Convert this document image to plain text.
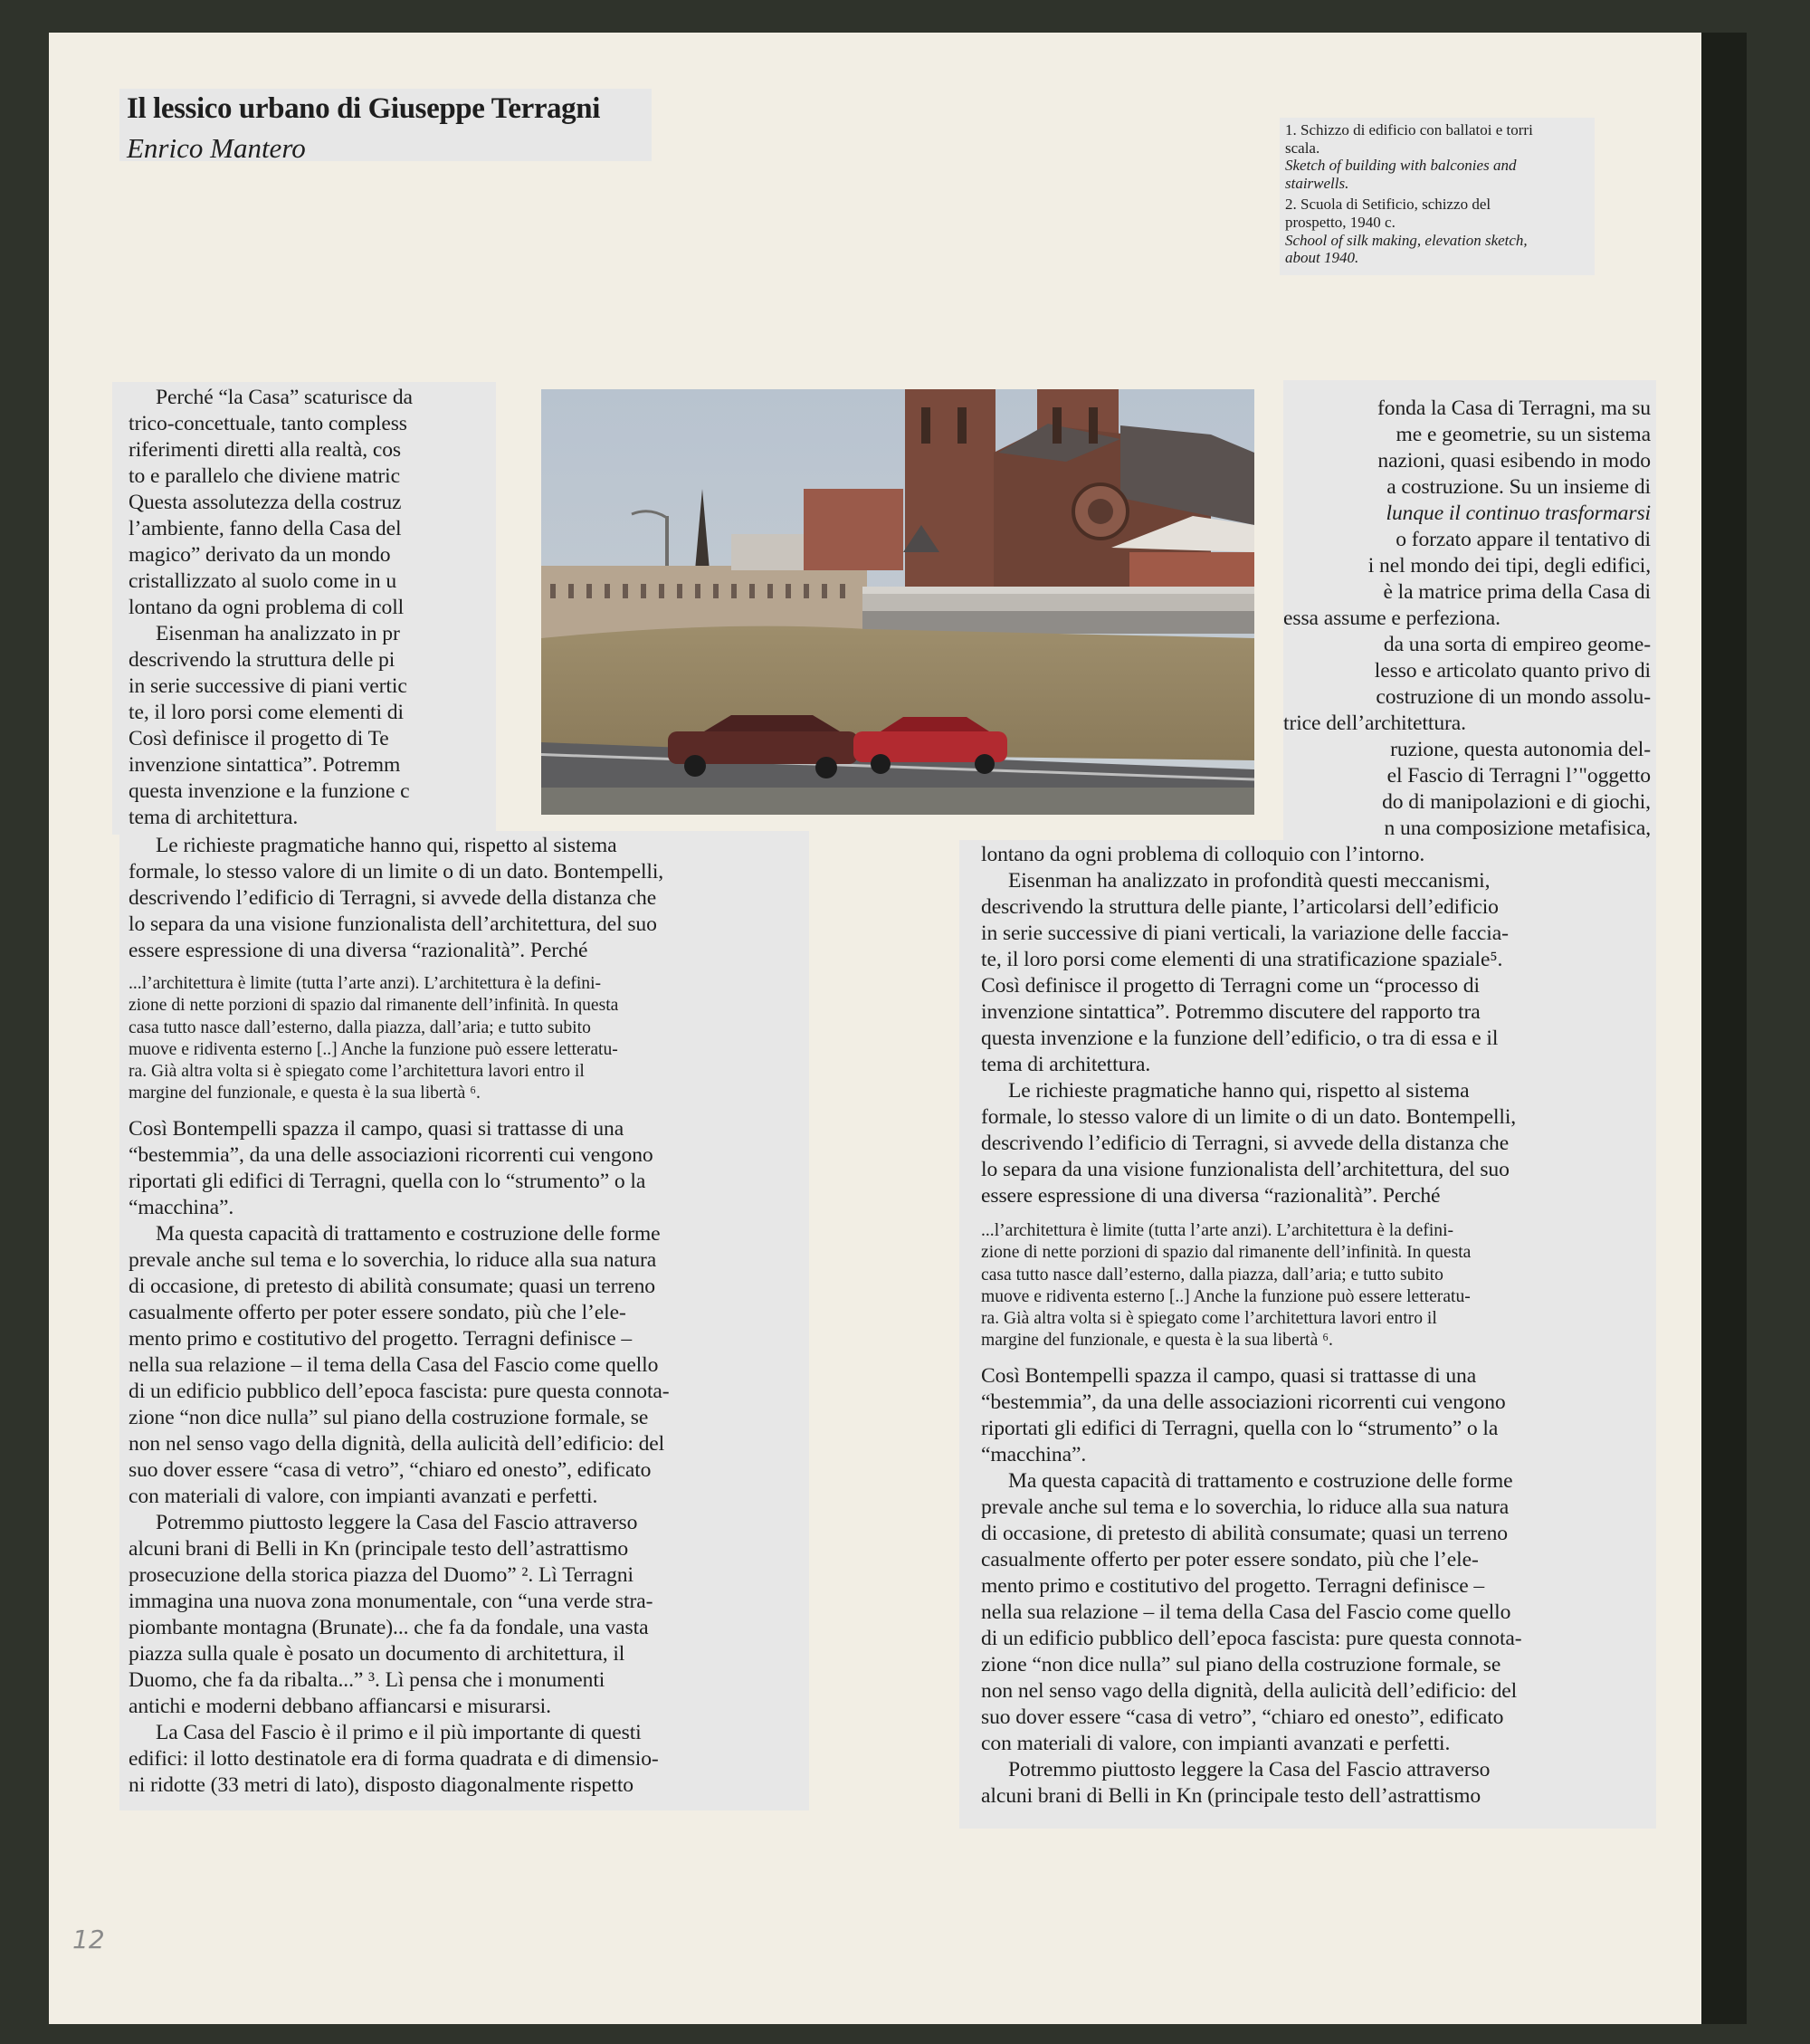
Il lessico urbano di Giuseppe Terragni
Enrico Mantero
1. Schizzo di edificio con ballatoi e torri
scala.
Sketch of building with balconies and
stairwells.
2. Scuola di Setificio, schizzo del
prospetto, 1940 c.
School of silk making, elevation sketch,
about 1940.

Perché “la Casa” scaturisce da

trico-concettuale, tanto compless

riferimenti diretti alla realtà, cos

to e parallelo che diviene matric

Questa assolutezza della costruz

l’ambiente, fanno della Casa del

magico” derivato da un mondo

cristallizzato al suolo come in u

lontano da ogni problema di coll

Eisenman ha analizzato in pr

descrivendo la struttura delle pi

in serie successive di piani vertic

te, il loro porsi come elementi di

Così definisce il progetto di Te

invenzione sintattica”. Potremm

questa invenzione e la funzione c

tema di architettura.

fonda la Casa di Terragni, ma su

me e geometrie, su un sistema

nazioni, quasi esibendo in modo

a costruzione. Su un insieme di

lunque il continuo trasformarsi

o forzato appare il tentativo di

i nel mondo dei tipi, degli edifici,

è la matrice prima della Casa di

essa assume e perfeziona.

da una sorta di empireo geome-

lesso e articolato quanto privo di

costruzione di un mondo assolu-

trice dell’architettura.

ruzione, questa autonomia del-

el Fascio di Terragni l’"oggetto

do di manipolazioni e di giochi,

n una composizione metafisica,

Le richieste pragmatiche hanno qui, rispetto al sistema

formale, lo stesso valore di un limite o di un dato. Bontempelli,

descrivendo l’edificio di Terragni, si avvede della distanza che

lo separa da una visione funzionalista dell’architettura, del suo

essere espressione di una diversa “razionalità”. Perché

...l’architettura è limite (tutta l’arte anzi). L’architettura è la defini-

zione di nette porzioni di spazio dal rimanente dell’infinità. In questa

casa tutto nasce dall’esterno, dalla piazza, dall’aria; e tutto subito

muove e ridiventa esterno [..] Anche la funzione può essere letteratu-

ra. Già altra volta si è spiegato come l’architettura lavori entro il

margine del funzionale, e questa è la sua libertà ⁶.

Così Bontempelli spazza il campo, quasi si trattasse di una

“bestemmia”, da una delle associazioni ricorrenti cui vengono

riportati gli edifici di Terragni, quella con lo “strumento” o la

“macchina”.

Ma questa capacità di trattamento e costruzione delle forme

prevale anche sul tema e lo soverchia, lo riduce alla sua natura

di occasione, di pretesto di abilità consumate; quasi un terreno

casualmente offerto per poter essere sondato, più che l’ele-

mento primo e costitutivo del progetto. Terragni definisce –

nella sua relazione – il tema della Casa del Fascio come quello

di un edificio pubblico dell’epoca fascista: pure questa connota-

zione “non dice nulla” sul piano della costruzione formale, se

non nel senso vago della dignità, della aulicità dell’edificio: del

suo dover essere “casa di vetro”, “chiaro ed onesto”, edificato

con materiali di valore, con impianti avanzati e perfetti.

Potremmo piuttosto leggere la Casa del Fascio attraverso

alcuni brani di Belli in Kn (principale testo dell’astrattismo

prosecuzione della storica piazza del Duomo” ². Lì Terragni

immagina una nuova zona monumentale, con “una verde stra-

piombante montagna (Brunate)... che fa da fondale, una vasta

piazza sulla quale è posato un documento di architettura, il

Duomo, che fa da ribalta...” ³. Lì pensa che i monumenti

antichi e moderni debbano affiancarsi e misurarsi.

La Casa del Fascio è il primo e il più importante di questi

edifici: il lotto destinatole era di forma quadrata e di dimensio-

ni ridotte (33 metri di lato), disposto diagonalmente rispetto

lontano da ogni problema di colloquio con l’intorno.

Eisenman ha analizzato in profondità questi meccanismi,

descrivendo la struttura delle piante, l’articolarsi dell’edificio

in serie successive di piani verticali, la variazione delle faccia-

te, il loro porsi come elementi di una stratificazione spaziale⁵.

Così definisce il progetto di Terragni come un “processo di

invenzione sintattica”. Potremmo discutere del rapporto tra

questa invenzione e la funzione dell’edificio, o tra di essa e il

tema di architettura.

Le richieste pragmatiche hanno qui, rispetto al sistema

formale, lo stesso valore di un limite o di un dato. Bontempelli,

descrivendo l’edificio di Terragni, si avvede della distanza che

lo separa da una visione funzionalista dell’architettura, del suo

essere espressione di una diversa “razionalità”. Perché

...l’architettura è limite (tutta l’arte anzi). L’architettura è la defini-

zione di nette porzioni di spazio dal rimanente dell’infinità. In questa

casa tutto nasce dall’esterno, dalla piazza, dall’aria; e tutto subito

muove e ridiventa esterno [..] Anche la funzione può essere letteratu-

ra. Già altra volta si è spiegato come l’architettura lavori entro il

margine del funzionale, e questa è la sua libertà ⁶.

Così Bontempelli spazza il campo, quasi si trattasse di una

“bestemmia”, da una delle associazioni ricorrenti cui vengono

riportati gli edifici di Terragni, quella con lo “strumento” o la

“macchina”.

Ma questa capacità di trattamento e costruzione delle forme

prevale anche sul tema e lo soverchia, lo riduce alla sua natura

di occasione, di pretesto di abilità consumate; quasi un terreno

casualmente offerto per poter essere sondato, più che l’ele-

mento primo e costitutivo del progetto. Terragni definisce –

nella sua relazione – il tema della Casa del Fascio come quello

di un edificio pubblico dell’epoca fascista: pure questa connota-

zione “non dice nulla” sul piano della costruzione formale, se

non nel senso vago della dignità, della aulicità dell’edificio: del

suo dover essere “casa di vetro”, “chiaro ed onesto”, edificato

con materiali di valore, con impianti avanzati e perfetti.

Potremmo piuttosto leggere la Casa del Fascio attraverso

alcuni brani di Belli in Kn (principale testo dell’astrattismo

12
